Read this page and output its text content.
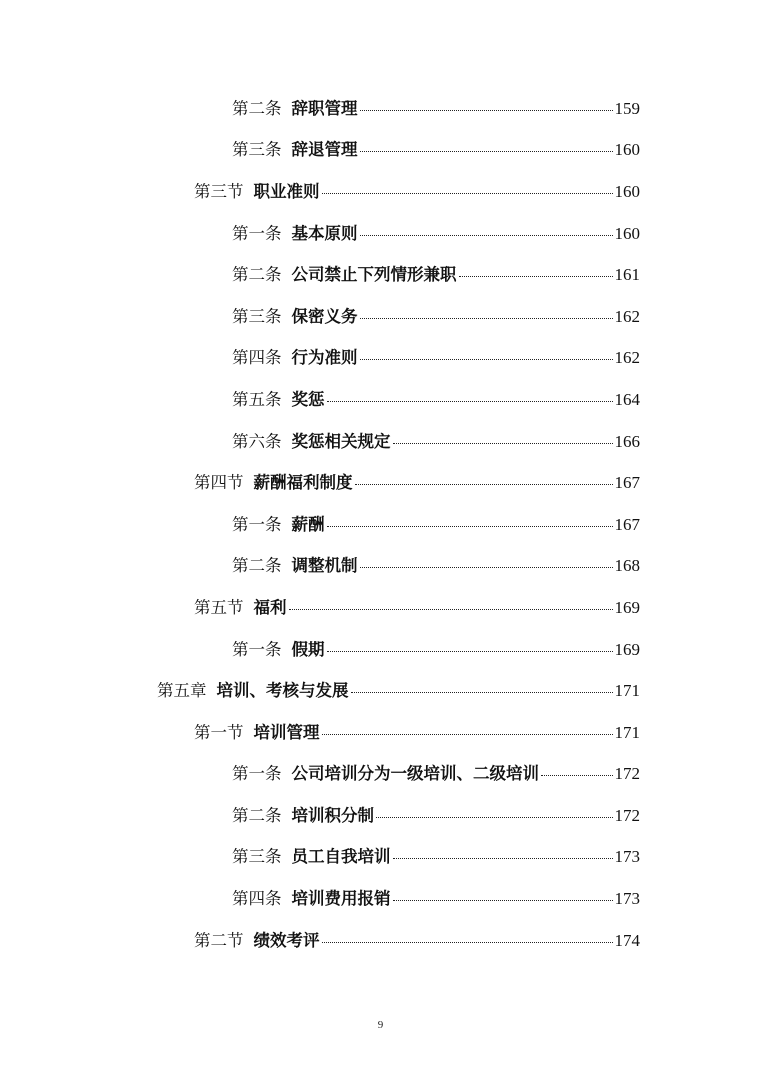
第二条 辞职管理	159
第三条 辞退管理	160
第三节 职业准则	160
第一条 基本原则	160
第二条 公司禁止下列情形兼职	161
第三条 保密义务	162
第四条 行为准则	162
第五条 奖惩	164
第六条 奖惩相关规定	166
第四节 薪酬福利制度	167
第一条 薪酬	167
第二条 调整机制	168
第五节 福利	169
第一条 假期	169
第五章 培训、考核与发展	171
第一节 培训管理	171
第一条 公司培训分为一级培训、二级培训	172
第二条 培训积分制	172
第三条 员工自我培训	173
第四条 培训费用报销	173
第二节 绩效考评	174
9
